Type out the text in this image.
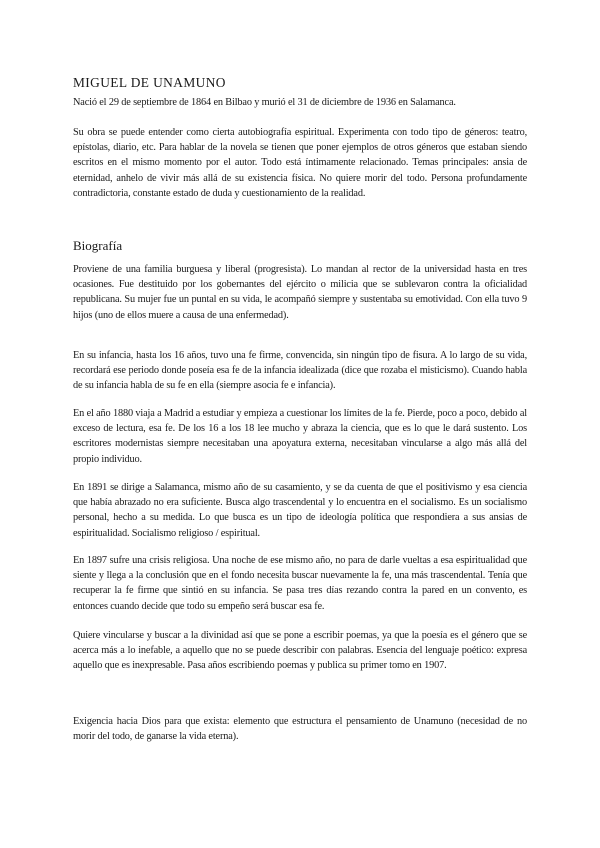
MIGUEL DE UNAMUNO

Nació el 29 de septiembre de 1864 en Bilbao y murió el 31 de diciembre de 1936 en Salamanca.

Su obra se puede entender como cierta autobiografía espiritual. Experimenta con todo tipo de géneros: teatro, epístolas, diario, etc. Para hablar de la novela se tienen que poner ejemplos de otros géneros que estaban siendo escritos en el mismo momento por el autor. Todo está íntimamente relacionado. Temas principales: ansia de eternidad, anhelo de vivir más allá de su existencia física. No quiere morir del todo. Persona profundamente contradictoria, constante estado de duda y cuestionamiento de la realidad.

Biografía

Proviene de una familia burguesa y liberal (progresista). Lo mandan al rector de la universidad hasta en tres ocasiones. Fue destituido por los gobernantes del ejército o milicia que se sublevaron contra la oficialidad republicana. Su mujer fue un puntal en su vida, le acompañó siempre y sustentaba su emotividad. Con ella tuvo 9 hijos (uno de ellos muere a causa de una enfermedad).

En su infancia, hasta los 16 años, tuvo una fe firme, convencida, sin ningún tipo de fisura. A lo largo de su vida, recordará ese periodo donde poseía esa fe de la infancia idealizada (dice que rozaba el misticismo). Cuando habla de su infancia habla de su fe en ella (siempre asocia fe e infancia).

En el año 1880 viaja a Madrid a estudiar y empieza a cuestionar los límites de la fe. Pierde, poco a poco, debido al exceso de lectura, esa fe. De los 16 a los 18 lee mucho y abraza la ciencia, que es lo que le dará sustento. Los escritores modernistas siempre necesitaban una apoyatura externa, necesitaban vincularse a algo más allá del propio individuo.

En 1891 se dirige a Salamanca, mismo año de su casamiento, y se da cuenta de que el positivismo y esa ciencia que había abrazado no era suficiente. Busca algo trascendental y lo encuentra en el socialismo. Es un socialismo personal, hecho a su medida. Lo que busca es un tipo de ideología política que respondiera a sus ansias de espiritualidad. Socialismo religioso / espiritual.

En 1897 sufre una crisis religiosa. Una noche de ese mismo año, no para de darle vueltas a esa espiritualidad que siente y llega a la conclusión que en el fondo necesita buscar nuevamente la fe, una más trascendental. Tenía que recuperar la fe firme que sintió en su infancia. Se pasa tres días rezando contra la pared en un convento, es entonces cuando decide que todo su empeño será buscar esa fe.

Quiere vincularse y buscar a la divinidad así que se pone a escribir poemas, ya que la poesía es el género que se acerca más a lo inefable, a aquello que no se puede describir con palabras. Esencia del lenguaje poético: expresa aquello que es inexpresable. Pasa años escribiendo poemas y publica su primer tomo en 1907.

Exigencia hacia Dios para que exista: elemento que estructura el pensamiento de Unamuno (necesidad de no morir del todo, de ganarse la vida eterna).
